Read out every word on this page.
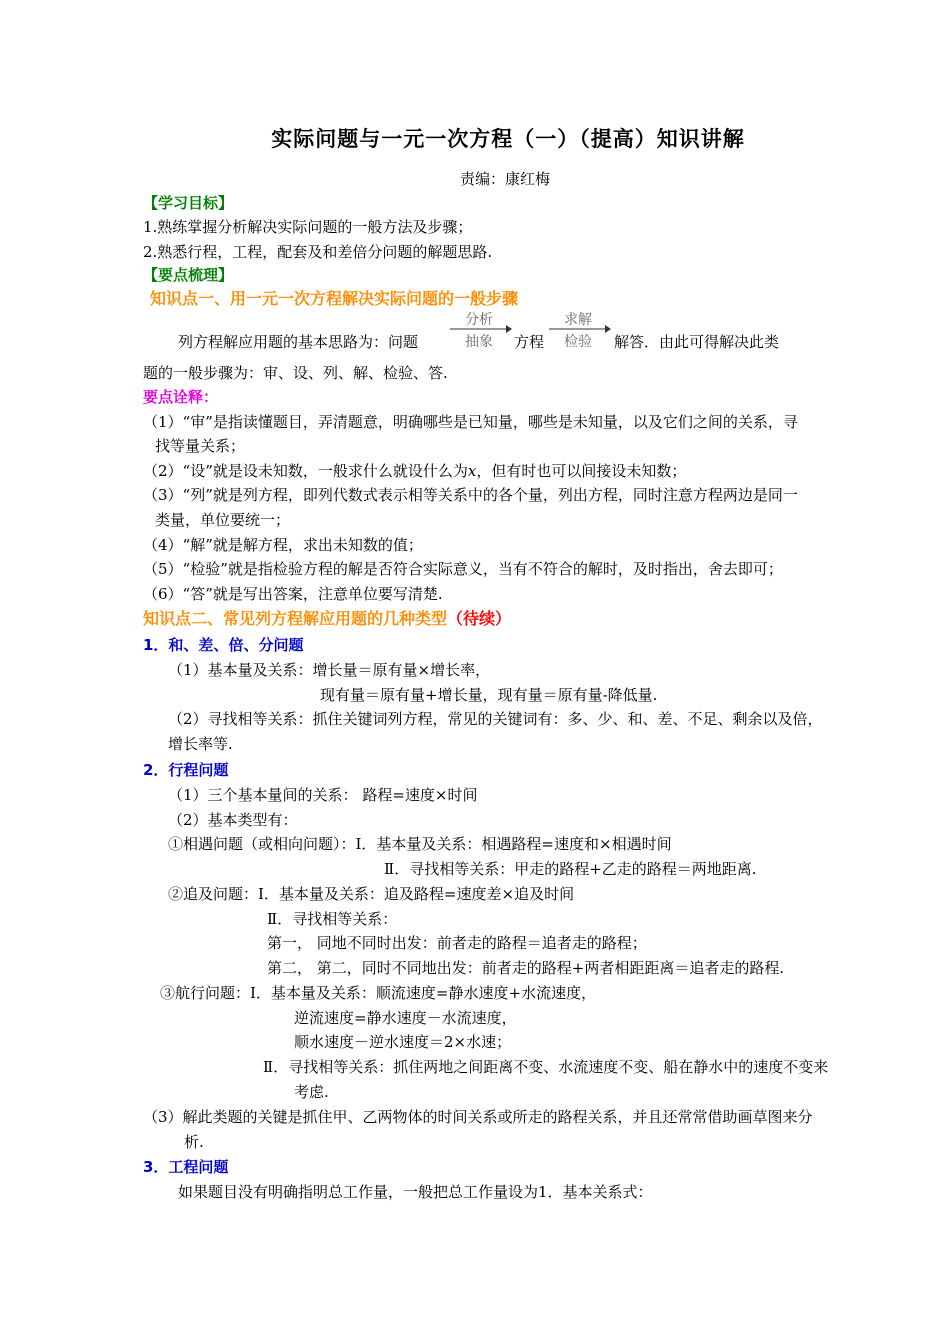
实际问题与一元一次方程（一）（提高）知识讲解
责编：康红梅
【学习目标】
1.熟练掌握分析解决实际问题的一般方法及步骤；
2.熟悉行程，工程，配套及和差倍分问题的解题思路.
【要点梳理】
知识点一、用一元一次方程解决实际问题的一般步骤
列方程解应用题的基本思路为：问题
分析
抽象	方程
求解
检验	解答．由此可得解决此类
题的一般步骤为：审、设、列、解、检验、答.
要点诠释：
（1）“审”是指读懂题目，弄清题意，明确哪些是已知量，哪些是未知量，以及它们之间的关系，寻
找等量关系；
（2）“设”就是设未知数，一般求什么就设什么为x，但有时也可以间接设未知数；
（3）“列”就是列方程，即列代数式表示相等关系中的各个量，列出方程，同时注意方程两边是同一
类量，单位要统一；
（4）“解”就是解方程，求出未知数的值；
（5）“检验”就是指检验方程的解是否符合实际意义，当有不符合的解时，及时指出，舍去即可；
（6）“答”就是写出答案，注意单位要写清楚.
知识点二、常见列方程解应用题的几种类型（待续）
1．和、差、倍、分问题
（1）基本量及关系：增长量＝原有量×增长率，
现有量＝原有量+增长量，现有量＝原有量-降低量.
（2）寻找相等关系：抓住关键词列方程，常见的关键词有：多、少、和、差、不足、剩余以及倍，
增长率等.
2．行程问题
（1）三个基本量间的关系： 路程=速度×时间
（2）基本类型有：
①相遇问题（或相向问题）：Ⅰ．基本量及关系：相遇路程=速度和×相遇时间
Ⅱ．寻找相等关系：甲走的路程+乙走的路程＝两地距离.
②追及问题：Ⅰ．基本量及关系：追及路程=速度差×追及时间
Ⅱ．寻找相等关系：
第一， 同地不同时出发：前者走的路程＝追者走的路程；
第二， 第二，同时不同地出发：前者走的路程+两者相距距离＝追者走的路程.
③航行问题：Ⅰ．基本量及关系：顺流速度=静水速度+水流速度，
逆流速度=静水速度－水流速度，
顺水速度－逆水速度＝2×水速；
Ⅱ．寻找相等关系：抓住两地之间距离不变、水流速度不变、船在静水中的速度不变来
考虑.
（3）解此类题的关键是抓住甲、乙两物体的时间关系或所走的路程关系，并且还常常借助画草图来分
析.
3．工程问题
如果题目没有明确指明总工作量，一般把总工作量设为1．基本关系式：
